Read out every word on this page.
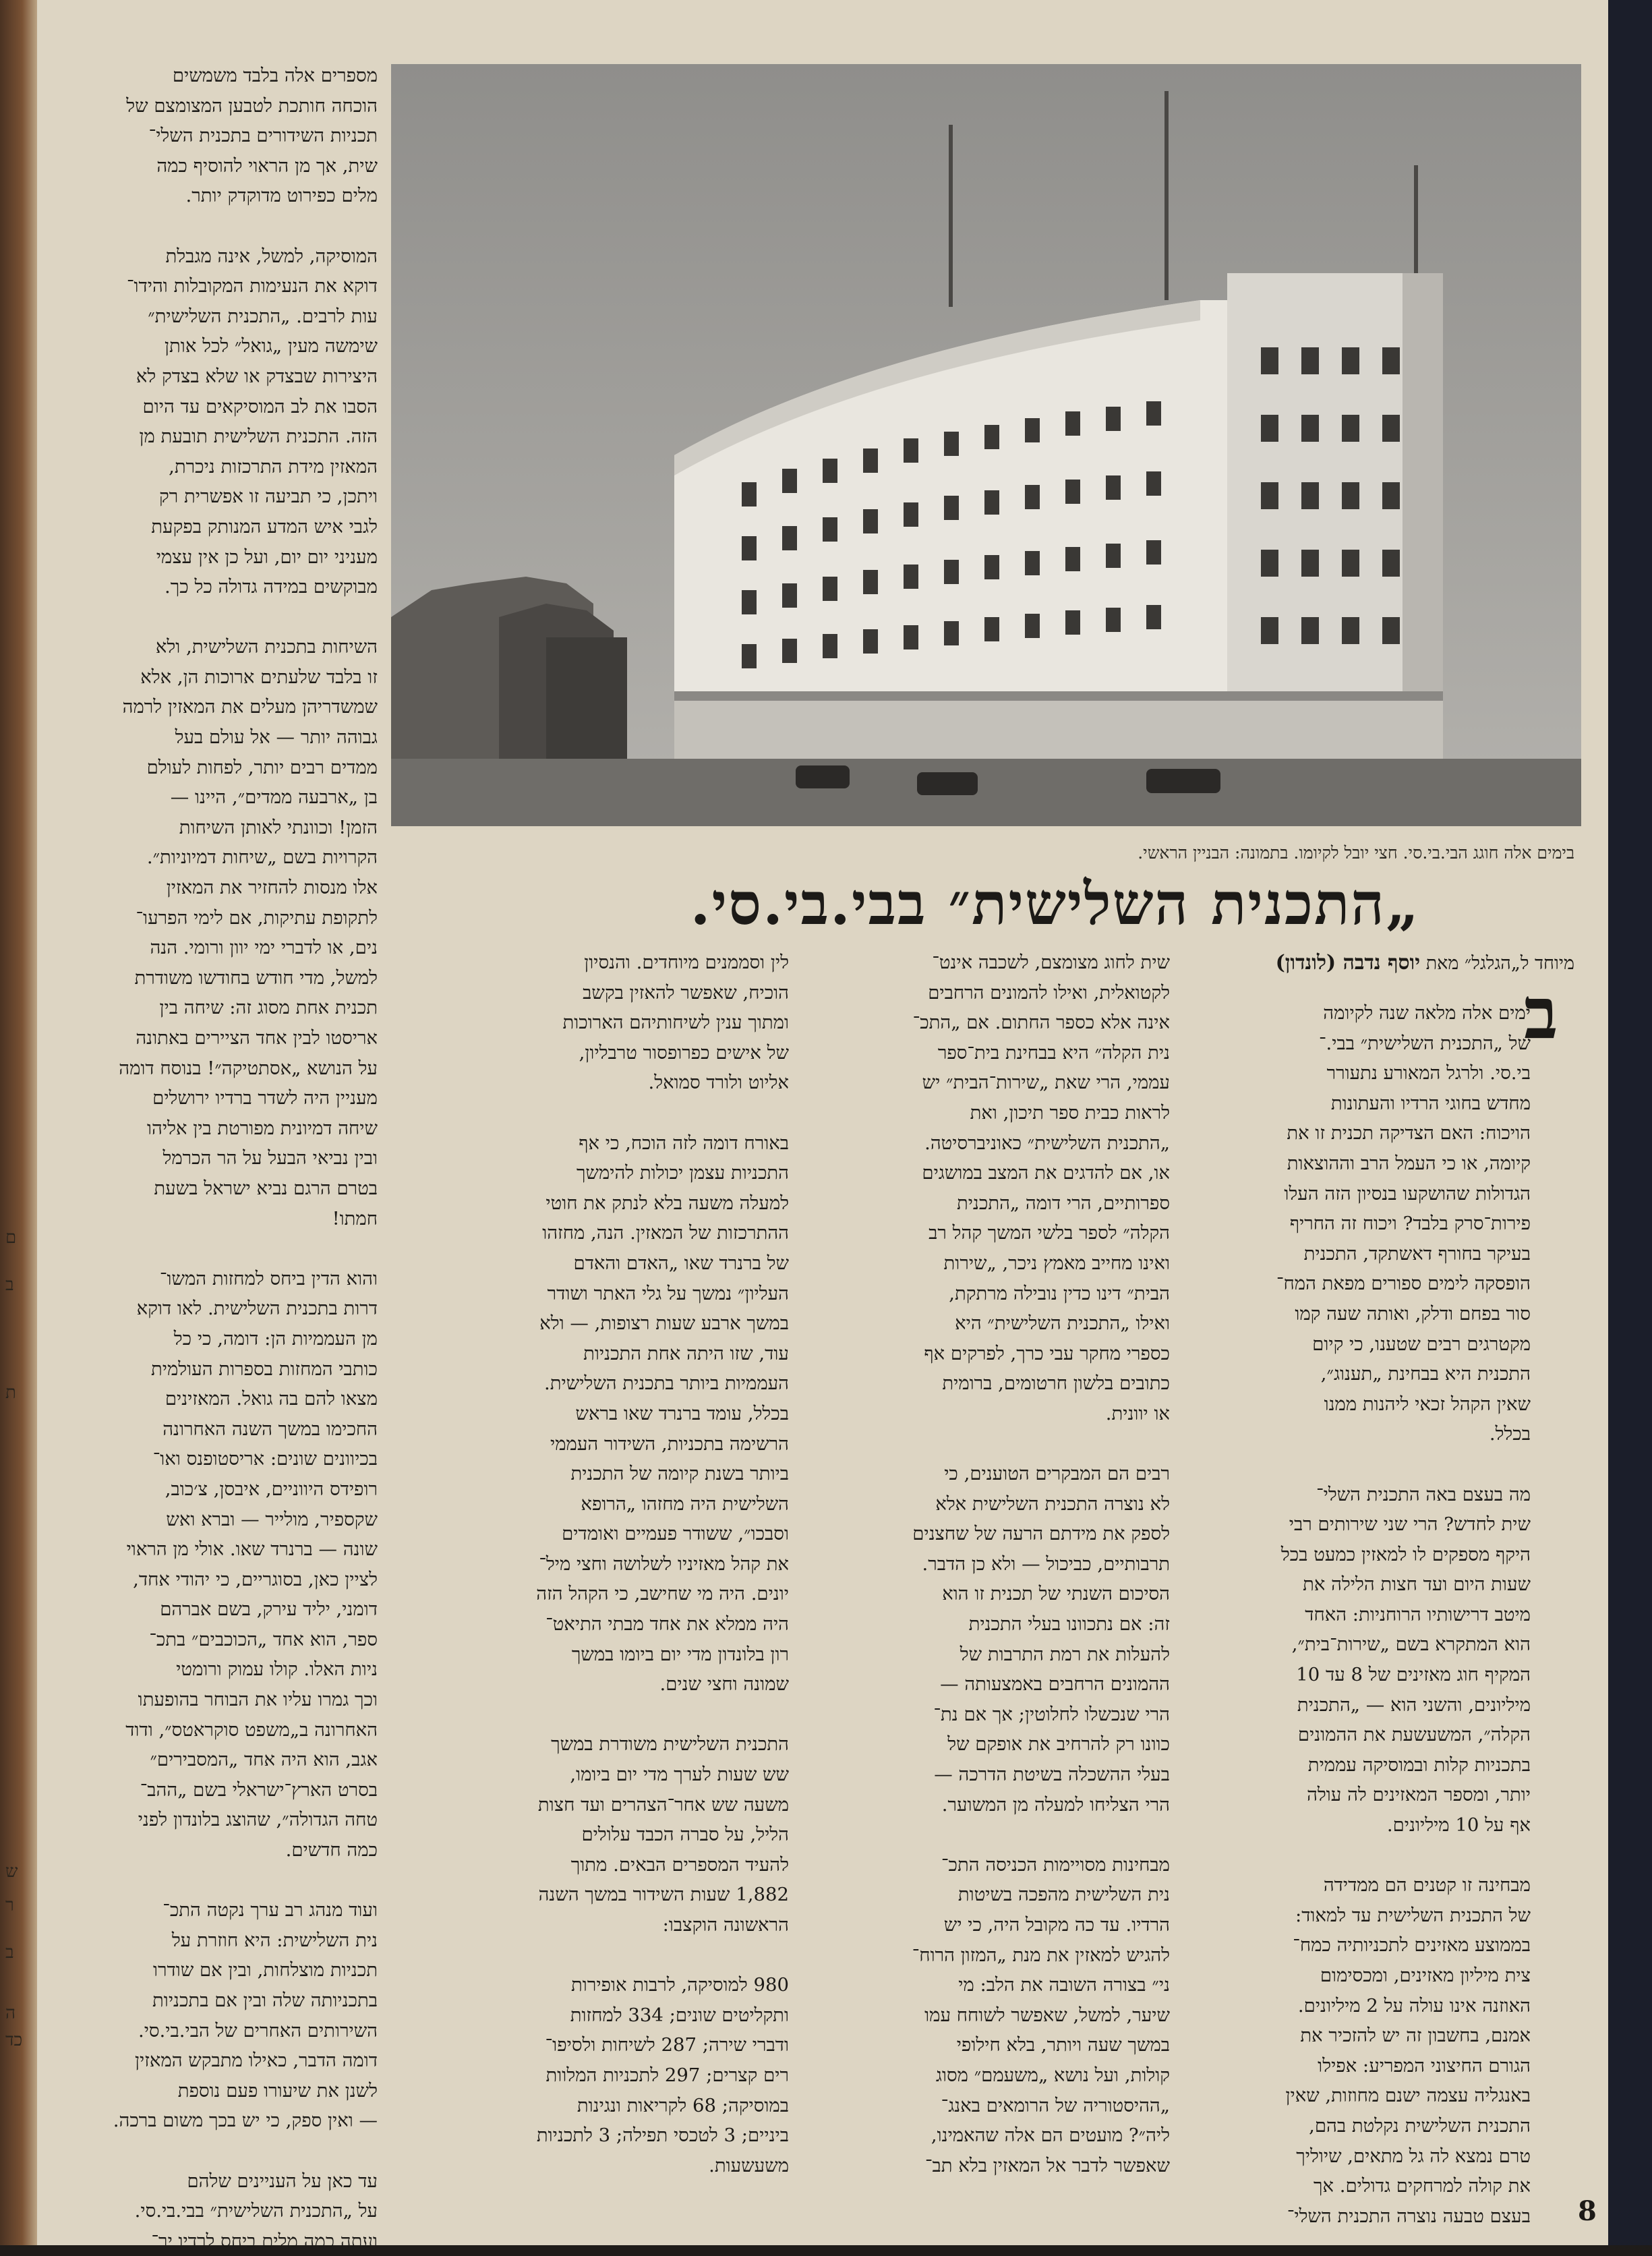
ם
ב
ת
ש
ר
ב
ה
כד
בימים אלה חוגג הבי.בי.סי. חצי יובל לקיומו. בתמונה: הבניין הראשי.
„התכנית השלישית״ בבי.בי.סי.
מיוחד ל„הגלגל״ מאת יוסף נדבה (לונדון)
ב
ימים אלה מלאה שנה לקיומה
של „התכנית השלישית״ בבי.־
בי.סי. ולרגל המאורע נתעורר
מחדש בחוגי הרדיו והעתונות
הויכוח: האם הצדיקה תכנית זו את
קיומה, או כי העמל הרב וההוצאות
הגדולות שהושקעו בנסיון הזה העלו
פירות־סרק בלבד? ויכוח זה החריף
בעיקר בחורף דאשתקד, התכנית
הופסקה לימים ספורים מפאת המח־
סור בפחם ודלק, ואותה שעה קמו
מקטרגים רבים שטענו, כי קיום
התכנית היא בבחינת „תענוג״,
שאין הקהל זכאי ליהנות ממנו
בכלל.

מה בעצם באה התכנית השלי־
שית לחדש? הרי שני שירותים רבי
היקף מספקים לו למאזין כמעט בכל
שעות היום ועד חצות הלילה את
מיטב דרישותיו הרוחניות: האחד
הוא המתקרא בשם „שירות־בית״,
המקיף חוג מאזינים של 8 עד 10
מיליונים, והשני הוא — „התכנית
הקלה״, המשעשעת את ההמונים
בתכניות קלות ובמוסיקה עממית
יותר, ומספר המאזינים לה עולה
אף על 10 מיליונים.

מבחינה זו קטנים הם ממדידה
של התכנית השלישית עד למאוד:
בממוצע מאזינים לתכניותיה כמח־
צית מיליון מאזינים, ומכסימום
האוזנה אינו עולה על 2 מיליונים.
אמנם, בחשבון זה יש להזכיר את
הגורם החיצוני המפריע: אפילו
באנגליה עצמה ישנם מחוזות, שאין
התכנית השלישית נקלטת בהם,
טרם נמצא לה גל מתאים, שיוליך
את קולה למרחקים גדולים. אך
בעצם טבעה נוצרה התכנית השלי־
שית לחוג מצומצם, לשכבה אינט־
לקטואלית, ואילו להמונים הרחבים
אינה אלא כספר החתום. אם „התכ־
נית הקלה״ היא בבחינת בית־ספר
עממי, הרי שאת „שירות־הבית״ יש
לראות כבית ספר תיכון, ואת
„התכנית השלישית״ כאוניברסיטה.
או, אם להדגים את המצב במושגים
ספרותיים, הרי דומה „התכנית
הקלה״ לספר בלשי המשך קהל רב
ואינו מחייב מאמץ ניכר, „שירות
הבית״ דינו כדין נובילה מרתקת,
ואילו „התכנית השלישית״ היא
כספרי מחקר עבי כרך, לפרקים אף
כתובים בלשון חרטומים, ברומית
או יוונית.

רבים הם המבקרים הטוענים, כי
לא נוצרה התכנית השלישית אלא
לספק את מידתם הרעה של שחצנים
תרבותיים, כביכול — ולא כן הדבר.
הסיכום השנתי של תכנית זו הוא
זה: אם נתכוונו בעלי התכנית
להעלות את רמת התרבות של
ההמונים הרחבים באמצעותה —
הרי שנכשלו לחלוטין; אך אם נת־
כוונו רק להרחיב את אופקם של
בעלי ההשכלה בשיטת הדרכה —
הרי הצליחו למעלה מן המשוער.

מבחינות מסויימות הכניסה התכ־
נית השלישית מהפכה בשיטות
הרדיו. עד כה מקובל היה, כי יש
להגיש למאזין את מנת „המזון הרוח־
ני״ בצורה השובה את הלב: מי
שיער, למשל, שאפשר לשוחח עמו
במשך שעה ויותר, בלא חילופי
קולות, ועל נושא „משעמם״ מסוג
„ההיסטוריה של הרומאים באנג־
ליה״? מועטים הם אלה שהאמינו,
שאפשר לדבר אל המאזין בלא תב־
לין וסממנים מיוחדים. והנסיון
הוכיח, שאפשר להאזין בקשב
ומתוך ענין לשיחותיהם הארוכות
של אישים כפרופסור טרבליון,
אליוט ולורד סמואל.

באורח דומה לזה הוכח, כי אף
התכניות עצמן יכולות להימשך
למעלה משעה בלא לנתק את חוטי
ההתרכזות של המאזין. הנה, מחזהו
של ברנרד שאו „האדם והאדם
העליון״ נמשך על גלי האתר ושודר
במשך ארבע שעות רצופות, — ולא
עוד, שזו היתה אחת התכניות
העממיות ביותר בתכנית השלישית.
בכלל, עומד ברנרד שאו בראש
הרשימה בתכניות, השידור העממי
ביותר בשנת קיומה של התכנית
השלישית היה מחזהו „הרופא
וסבכו״, ששודר פעמיים ואומדים
את קהל מאזיניו לשלושה וחצי מיל־
יונים. היה מי שחישב, כי הקהל הזה
היה ממלא את אחד מבתי התיאט־
רון בלונדון מדי יום ביומו במשך
שמונה וחצי שנים.

התכנית השלישית משודרת במשך
שש שעות לערך מדי יום ביומו,
משעה שש אחר־הצהרים ועד חצות
הליל, על סברה הכבד עלולים
להעיד המספרים הבאים. מתוך
1,882 שעות השידור במשך השנה
הראשונה הוקצבו:

980 למוסיקה, לרבות אופירות
ותקליטים שונים; 334 למחזות
ודברי שירה; 287 לשיחות ולסיפו־
רים קצרים; 297 לתכניות המלוות
במוסיקה; 68 לקריאות ונגינות
ביניים; 3 לטכסי תפילה; 3 לתכניות
משעשעות.
מספרים אלה בלבד משמשים
הוכחה חותכת לטבען המצומצם של
תכניות השידורים בתכנית השלי־
שית, אך מן הראוי להוסיף כמה
מלים כפירוט מדוקדק יותר.

המוסיקה, למשל, אינה מגבלת
דוקא את הנעימות המקובלות והידו־
עות לרבים. „התכנית השלישית״
שימשה מעין „גואל״ לכל אותן
היצירות שבצדק או שלא בצדק לא
הסבו את לב המוסיקאים עד היום
הזה. התכנית השלישית תובעת מן
המאזין מידת התרכזות ניכרת,
ויתכן, כי תביעה זו אפשרית רק
לגבי איש המדע המנותק בפקעת
מעניני יום יום, ועל כן אין עצמי
מבוקשים במידה גדולה כל כך.

השיחות בתכנית השלישית, ולא
זו בלבד שלעתים ארוכות הן, אלא
שמשדריהן מעלים את המאזין לרמה
גבוהה יותר — אל עולם בעל
ממדים רבים יותר, לפחות לעולם
בן „ארבעה ממדים״, היינו —
הזמן! וכוונתי לאותן השיחות
הקרויות בשם „שיחות דמיוניות״.
אלו מנסות להחזיר את המאזין
לתקופת עתיקות, אם לימי הפרעו־
נים, או לדברי ימי יוון ורומי. הנה
למשל, מדי חודש בחודשו משודרת
תכנית אחת מסוג זה: שיחה בין
אריסטו לבין אחד הציירים באתונה
על הנושא „אסתטיקה״! בנוסח דומה
מעניין היה לשדר ברדיו ירושלים
שיחה דמיונית מפורטת בין אליהו
ובין נביאי הבעל על הר הכרמל
בטרם הרגם נביא ישראל בשעת
חמתו!

והוא הדין ביחס למחזות המשו־
דרות בתכנית השלישית. לאו דוקא
מן העממיות הן: דומה, כי כל
כותבי המחזות בספרות העולמית
מצאו להם בה גואל. המאזינים
החכימו במשך השנה האחרונה
בכיוונים שונים: אריסטופנס ואו־
רופידס היווניים, איבסן, צ׳כוב,
שקספיר, מולייר — וברא ואש
שונה — ברנרד שאו. אולי מן הראוי
לציין כאן, בסוגריים, כי יהודי אחד,
דומני, יליד עירק, בשם אברהם
ספר, הוא אחד „הכוכבים״ בתכ־
ניות האלו. קולו עמוק ורומטי
וכך גמרו עליו את הבוחר בהופעתו
האחרונה ב„משפט סוקראטס״, ודוד
אגב, הוא היה אחד „המסבירים״
בסרט הארץ־ישראלי בשם „ההב־
טחה הגדולה״, שהוצג בלונדון לפני
כמה חדשים.

ועוד מנהג רב ערך נקטה התכ־
נית השלישית: היא חוזרת על
תכניות מוצלחות, ובין אם שודרו
בתכניותה שלה ובין אם בתכניות
השירותים האחרים של הבי.בי.סי.
דומה הדבר, כאילו מתבקש המאזין
לשנן את שיעורו פעם נוספת
— ואין ספק, כי יש בכך משום ברכה.

עד כאן על העניינים שלהם
על „התכנית השלישית״ בבי.בי.סי.
ועתה כמה מלים ביחס לרדיו יר־
8
